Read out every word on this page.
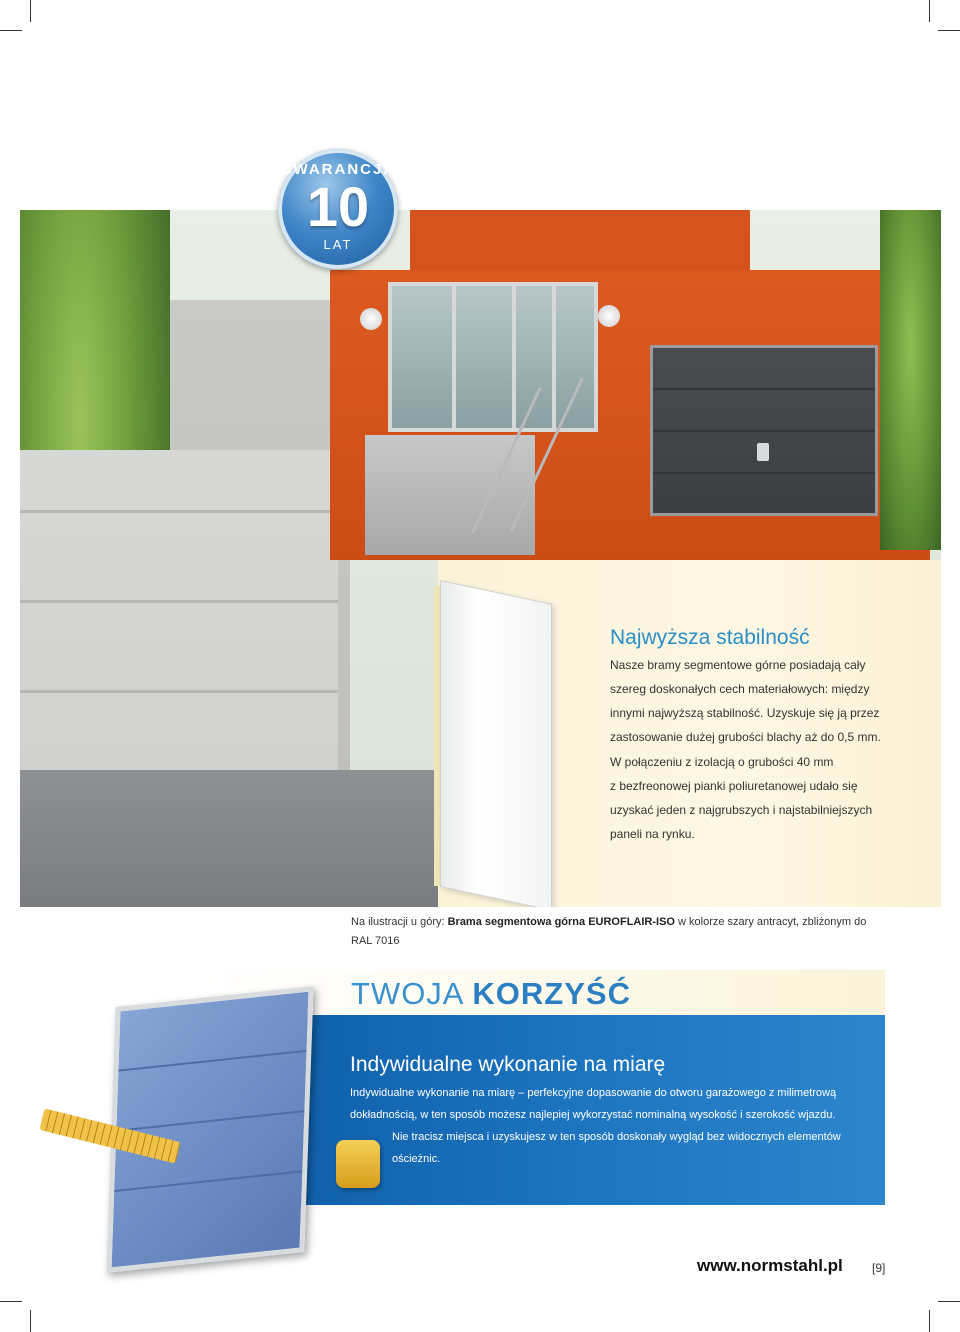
GWARANCJA
10
LAT
Najwyższa stabilność
Nasze bramy segmentowe górne posiadają cały
szereg doskonałych cech materiałowych: między
innymi najwyższą stabilność. Uzyskuje się ją przez
zastosowanie dużej grubości blachy aż do 0,5 mm.
W połączeniu z izolacją o grubości 40 mm
z bezfreonowej pianki poliuretanowej udało się
uzyskać jeden z najgrubszych i najstabilniejszych
paneli na rynku.
Na ilustracji u góry: Brama segmentowa górna EUROFLAIR-ISO w kolorze szary antracyt, zbliżonym do RAL 7016
TWOJA KORZYŚĆ
Indywidualne wykonanie na miarę
Indywidualne wykonanie na miarę – perfekcyjne dopasowanie do otworu garażowego z milimetrową
dokładnością, w ten sposób możesz najlepiej wykorzystać nominalną wysokość i szerokość wjazdu.
Nie tracisz miejsca i uzyskujesz w ten sposób doskonały wygląd bez widocznych elementów
ościeżnic.
www.normstahl.pl [9]
